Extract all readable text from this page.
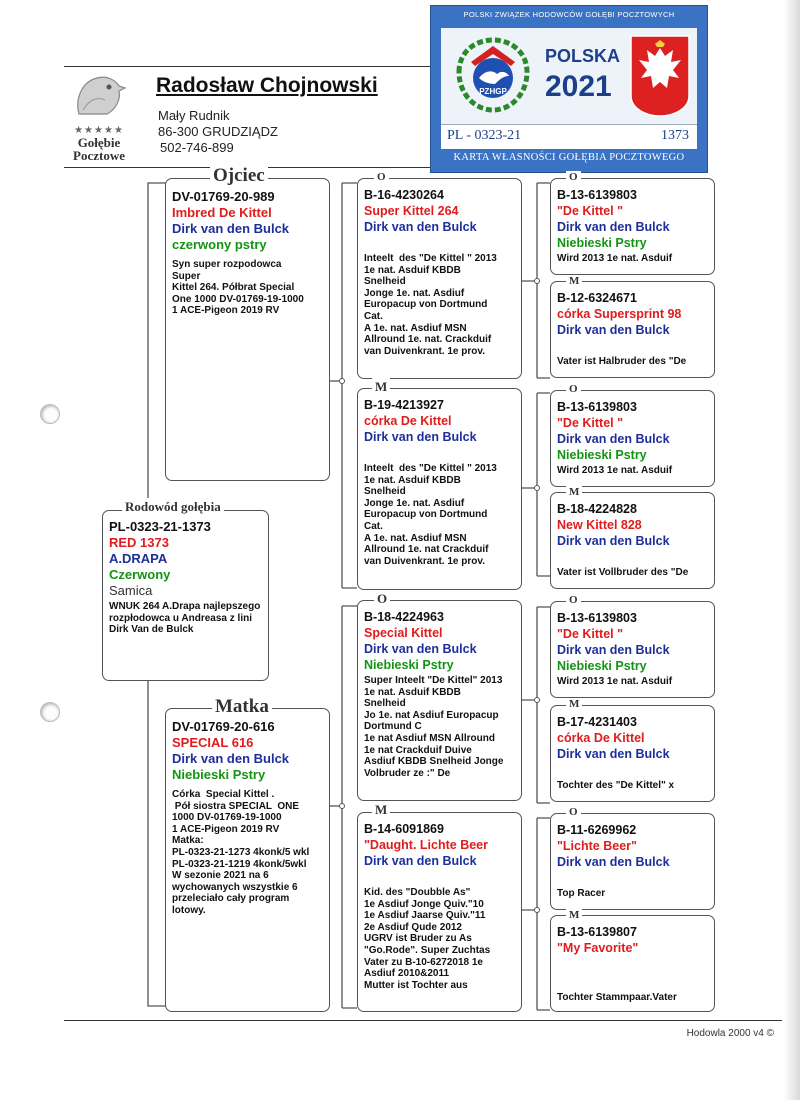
★★★★★
Gołębie
Pocztowe
Radosław Chojnowski
Mały Rudnik
86-300 GRUDZIĄDZ
502-746-899
POLSKI ZWIĄZEK HODOWCÓW GOŁĘBI POCZTOWYCH
PZHGP
POLSKA
2021
PL - 0323-21	1373
KARTA WŁASNOŚCI GOŁĘBIA POCZTOWEGO
PL-0323-21-1373
RED 1373
A.DRAPA
Czerwony
Samica
WNUK 264 A.Drapa najlepszego rozpłodowca u Andreasa z lini Dirk Van de Bulck
Rodowód gołębia
DV-01769-20-989
Imbred De Kittel
Dirk van den Bulck
czerwony pstry
Syn super rozpodowca
Super
Kittel 264. Półbrat Special
One 1000 DV-01769-19-1000
1 ACE-Pigeon 2019 RV
Ojciec
DV-01769-20-616
SPECIAL 616
Dirk van den Bulck
Niebieski Pstry
Córka  Special Kittel .
Pół siostra SPECIAL  ONE
1000 DV-01769-19-1000
1 ACE-Pigeon 2019 RV
Matka:
PL-0323-21-1273 4konk/5 wkl
PL-0323-21-1219 4konk/5wkl
W sezonie 2021 na 6
wychowanych wszystkie 6
przeleciało cały program
lotowy.
Matka
B-16-4230264
Super Kittel 264
Dirk van den Bulck
Inteelt  des "De Kittel " 2013
1e nat. Asduif KBDB
Snelheid
Jonge 1e. nat. Asdiuf
Europacup von Dortmund
Cat.
A 1e. nat. Asdiuf MSN
Allround 1e. nat. Crackduif
van Duivenkrant. 1e prov.
O
B-19-4213927
córka De Kittel
Dirk van den Bulck
Inteelt  des "De Kittel " 2013
1e nat. Asduif KBDB
Snelheid
Jonge 1e. nat. Asdiuf
Europacup von Dortmund
Cat.
A 1e. nat. Asdiuf MSN
Allround 1e. nat Crackduif
van Duivenkrant. 1e prov.
M
B-18-4224963
Special Kittel
Dirk van den Bulck
Niebieski Pstry
Super Inteelt "De Kittel" 2013
1e nat. Asduif KBDB
Snelheid
Jo 1e. nat Asdiuf Europacup
Dortmund C
1e nat Asdiuf MSN Allround
1e nat Crackduif Duive
Asdiuf KBDB Snelheid Jonge
Volbruder ze :" De
O
B-14-6091869
"Daught. Lichte Beer
Dirk van den Bulck
Kid. des "Doubble As"
1e Asdiuf Jonge Quiv."10
1e Asdiuf Jaarse Quiv."11
2e Asdiuf Qude 2012
UGRV ist Bruder zu As
"Go.Rode". Super Zuchtas
Vater zu B-10-6272018 1e
Asdiuf 2010&2011
Mutter ist Tochter aus
M
B-13-6139803
"De Kittel "
Dirk van den Bulck
Niebieski Pstry
Wird 2013 1e nat. Asduif
O
B-12-6324671
córka Supersprint 98
Dirk van den Bulck
Vater ist Halbruder des "De
M
B-13-6139803
"De Kittel "
Dirk van den Bulck
Niebieski Pstry
Wird 2013 1e nat. Asduif
O
B-18-4224828
New Kittel 828
Dirk van den Bulck
Vater ist Vollbruder des "De
M
B-13-6139803
"De Kittel "
Dirk van den Bulck
Niebieski Pstry
Wird 2013 1e nat. Asduif
O
B-17-4231403
córka De Kittel
Dirk van den Bulck
Tochter des "De Kittel" x
M
B-11-6269962
"Lichte Beer"
Dirk van den Bulck
Top Racer
O
B-13-6139807
"My Favorite"
Tochter Stammpaar.Vater
M
Hodowla 2000 v4 ©
